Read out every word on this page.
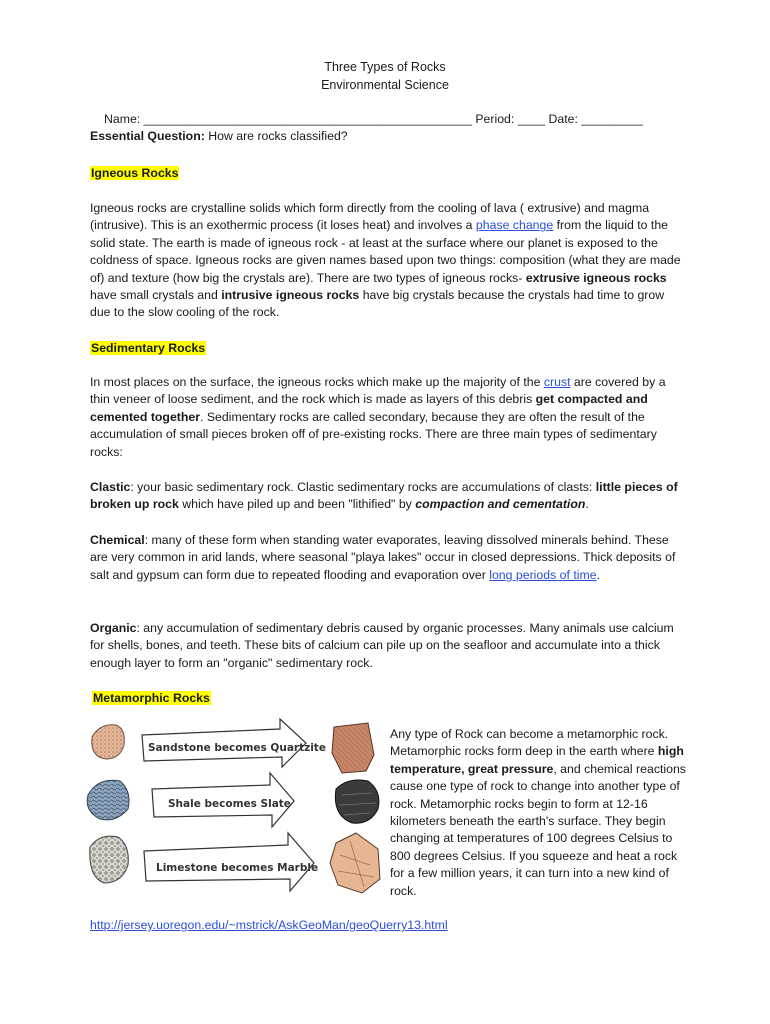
Three Types of Rocks
Environmental Science
Name: ________________________________________________ Period: ____ Date: _________
Essential Question: How are rocks classified?
Igneous Rocks

Igneous rocks are crystalline solids which form directly from the cooling of lava ( extrusive) and magma (intrusive). This is an exothermic process (it loses heat) and involves a phase change from the liquid to the solid state. The earth is made of igneous rock - at least at the surface where our planet is exposed to the coldness of space. Igneous rocks are given names based upon two things: composition (what they are made of) and texture (how big the crystals are). There are two types of igneous rocks- extrusive igneous rocks have small crystals and intrusive igneous rocks have big crystals because the crystals had time to grow due to the slow cooling of the rock.

Sedimentary Rocks

In most places on the surface, the igneous rocks which make up the majority of the crust are covered by a thin veneer of loose sediment, and the rock which is made as layers of this debris get compacted and cemented together. Sedimentary rocks are called secondary, because they are often the result of the accumulation of small pieces broken off of pre-existing rocks. There are three main types of sedimentary rocks:

Clastic: your basic sedimentary rock. Clastic sedimentary rocks are accumulations of clasts: little pieces of broken up rock which have piled up and been "lithified" by compaction and cementation.

Chemical: many of these form when standing water evaporates, leaving dissolved minerals behind. These are very common in arid lands, where seasonal "playa lakes" occur in closed depressions. Thick deposits of salt and gypsum can form due to repeated flooding and evaporation over long periods of time.

Organic: any accumulation of sedimentary debris caused by organic processes. Many animals use calcium for shells, bones, and teeth. These bits of calcium can pile up on the seafloor and accumulate into a thick enough layer to form an "organic" sedimentary rock.

Metamorphic Rocks
Sandstone becomes Quartzite
Shale becomes Slate
Limestone becomes Marble

Any type of Rock can become a metamorphic rock. Metamorphic rocks form deep in the earth where high temperature, great pressure, and chemical reactions cause one type of rock to change into another type of rock. Metamorphic rocks begin to form at 12-16 kilometers beneath the earth's surface. They begin changing at temperatures of 100 degrees Celsius to 800 degrees Celsius. If you squeeze and heat a rock for a few million years, it can turn into a new kind of rock.

http://jersey.uoregon.edu/~mstrick/AskGeoMan/geoQuerry13.html
